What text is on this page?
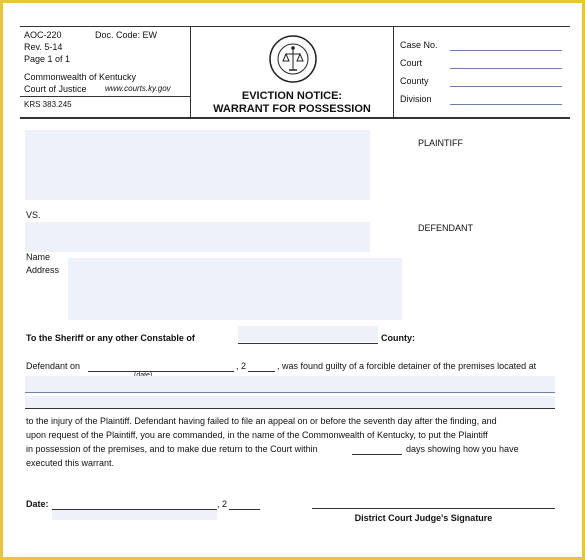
AOC-220	Doc. Code: EW
Rev. 5-14
Page 1 of 1
Commonwealth of Kentucky
Court of Justice www.courts.ky.gov
KRS 383.245
EVICTION NOTICE:
WARRANT FOR POSSESSION
Case No.
Court
County
Division
PLAINTIFF
VS.
DEFENDANT
Name
Address
To the Sheriff or any other Constable of	County:
Defendant on	, 2	, was found guilty of a forcible detainer of the premises located at
to the injury of the Plaintiff. Defendant having failed to file an appeal on or before the seventh day after the finding, and
upon request of the Plaintiff, you are commanded, in the name of the Commonwealth of Kentucky, to put the Plaintiff
in possession of the premises, and to make due return to the Court within	days showing how you have
executed this warrant.
Date:	, 2
District Court Judge's Signature
